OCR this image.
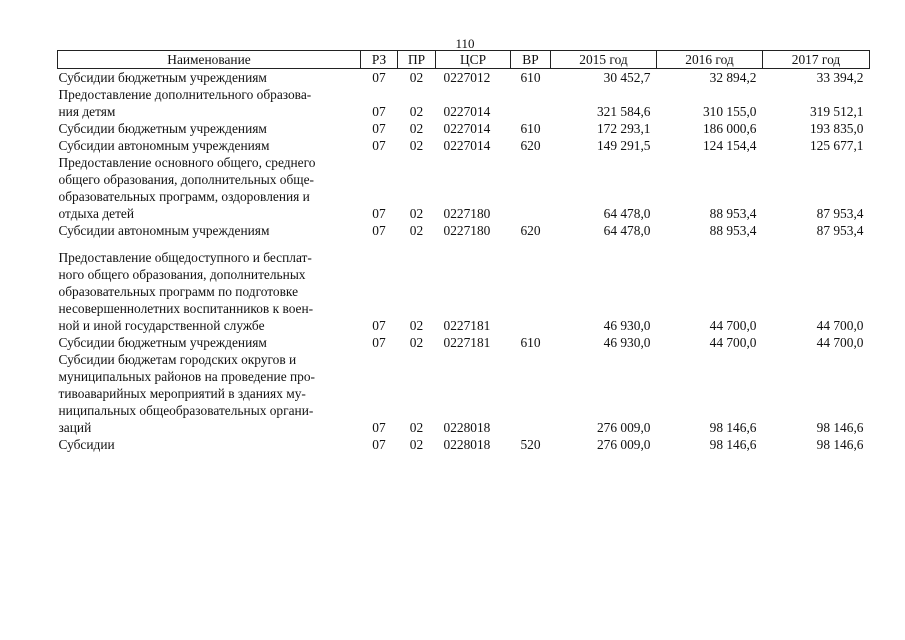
110
Наименование	РЗ	ПР	ЦСР	ВР	2015 год	2016 год	2017 год

Субсидии бюджетным учреждениям	07	02	0227012	610	30 452,7	32 894,2	33 394,2

Предоставление дополнительного образова-
ния детям	07	02	0227014		321 584,6	310 155,0	319 512,1

Субсидии бюджетным учреждениям	07	02	0227014	610	172 293,1	186 000,6	193 835,0

Субсидии автономным учреждениям	07	02	0227014	620	149 291,5	124 154,4	125 677,1

Предоставление основного общего, среднего
общего образования, дополнительных обще-
образовательных программ, оздоровления и
отдыха детей	07	02	0227180		64 478,0	88 953,4	87 953,4

Субсидии автономным учреждениям	07	02	0227180	620	64 478,0	88 953,4	87 953,4

Предоставление общедоступного и бесплат-
ного общего образования, дополнительных
образовательных программ по подготовке
несовершеннолетних воспитанников к воен-
ной и иной государственной службе	07	02	0227181		46 930,0	44 700,0	44 700,0

Субсидии бюджетным учреждениям	07	02	0227181	610	46 930,0	44 700,0	44 700,0

Субсидии бюджетам городских округов и
муниципальных районов на проведение про-
тивоаварийных мероприятий в зданиях му-
ниципальных общеобразовательных органи-
заций	07	02	0228018		276 009,0	98 146,6	98 146,6

Субсидии	07	02	0228018	520	276 009,0	98 146,6	98 146,6
